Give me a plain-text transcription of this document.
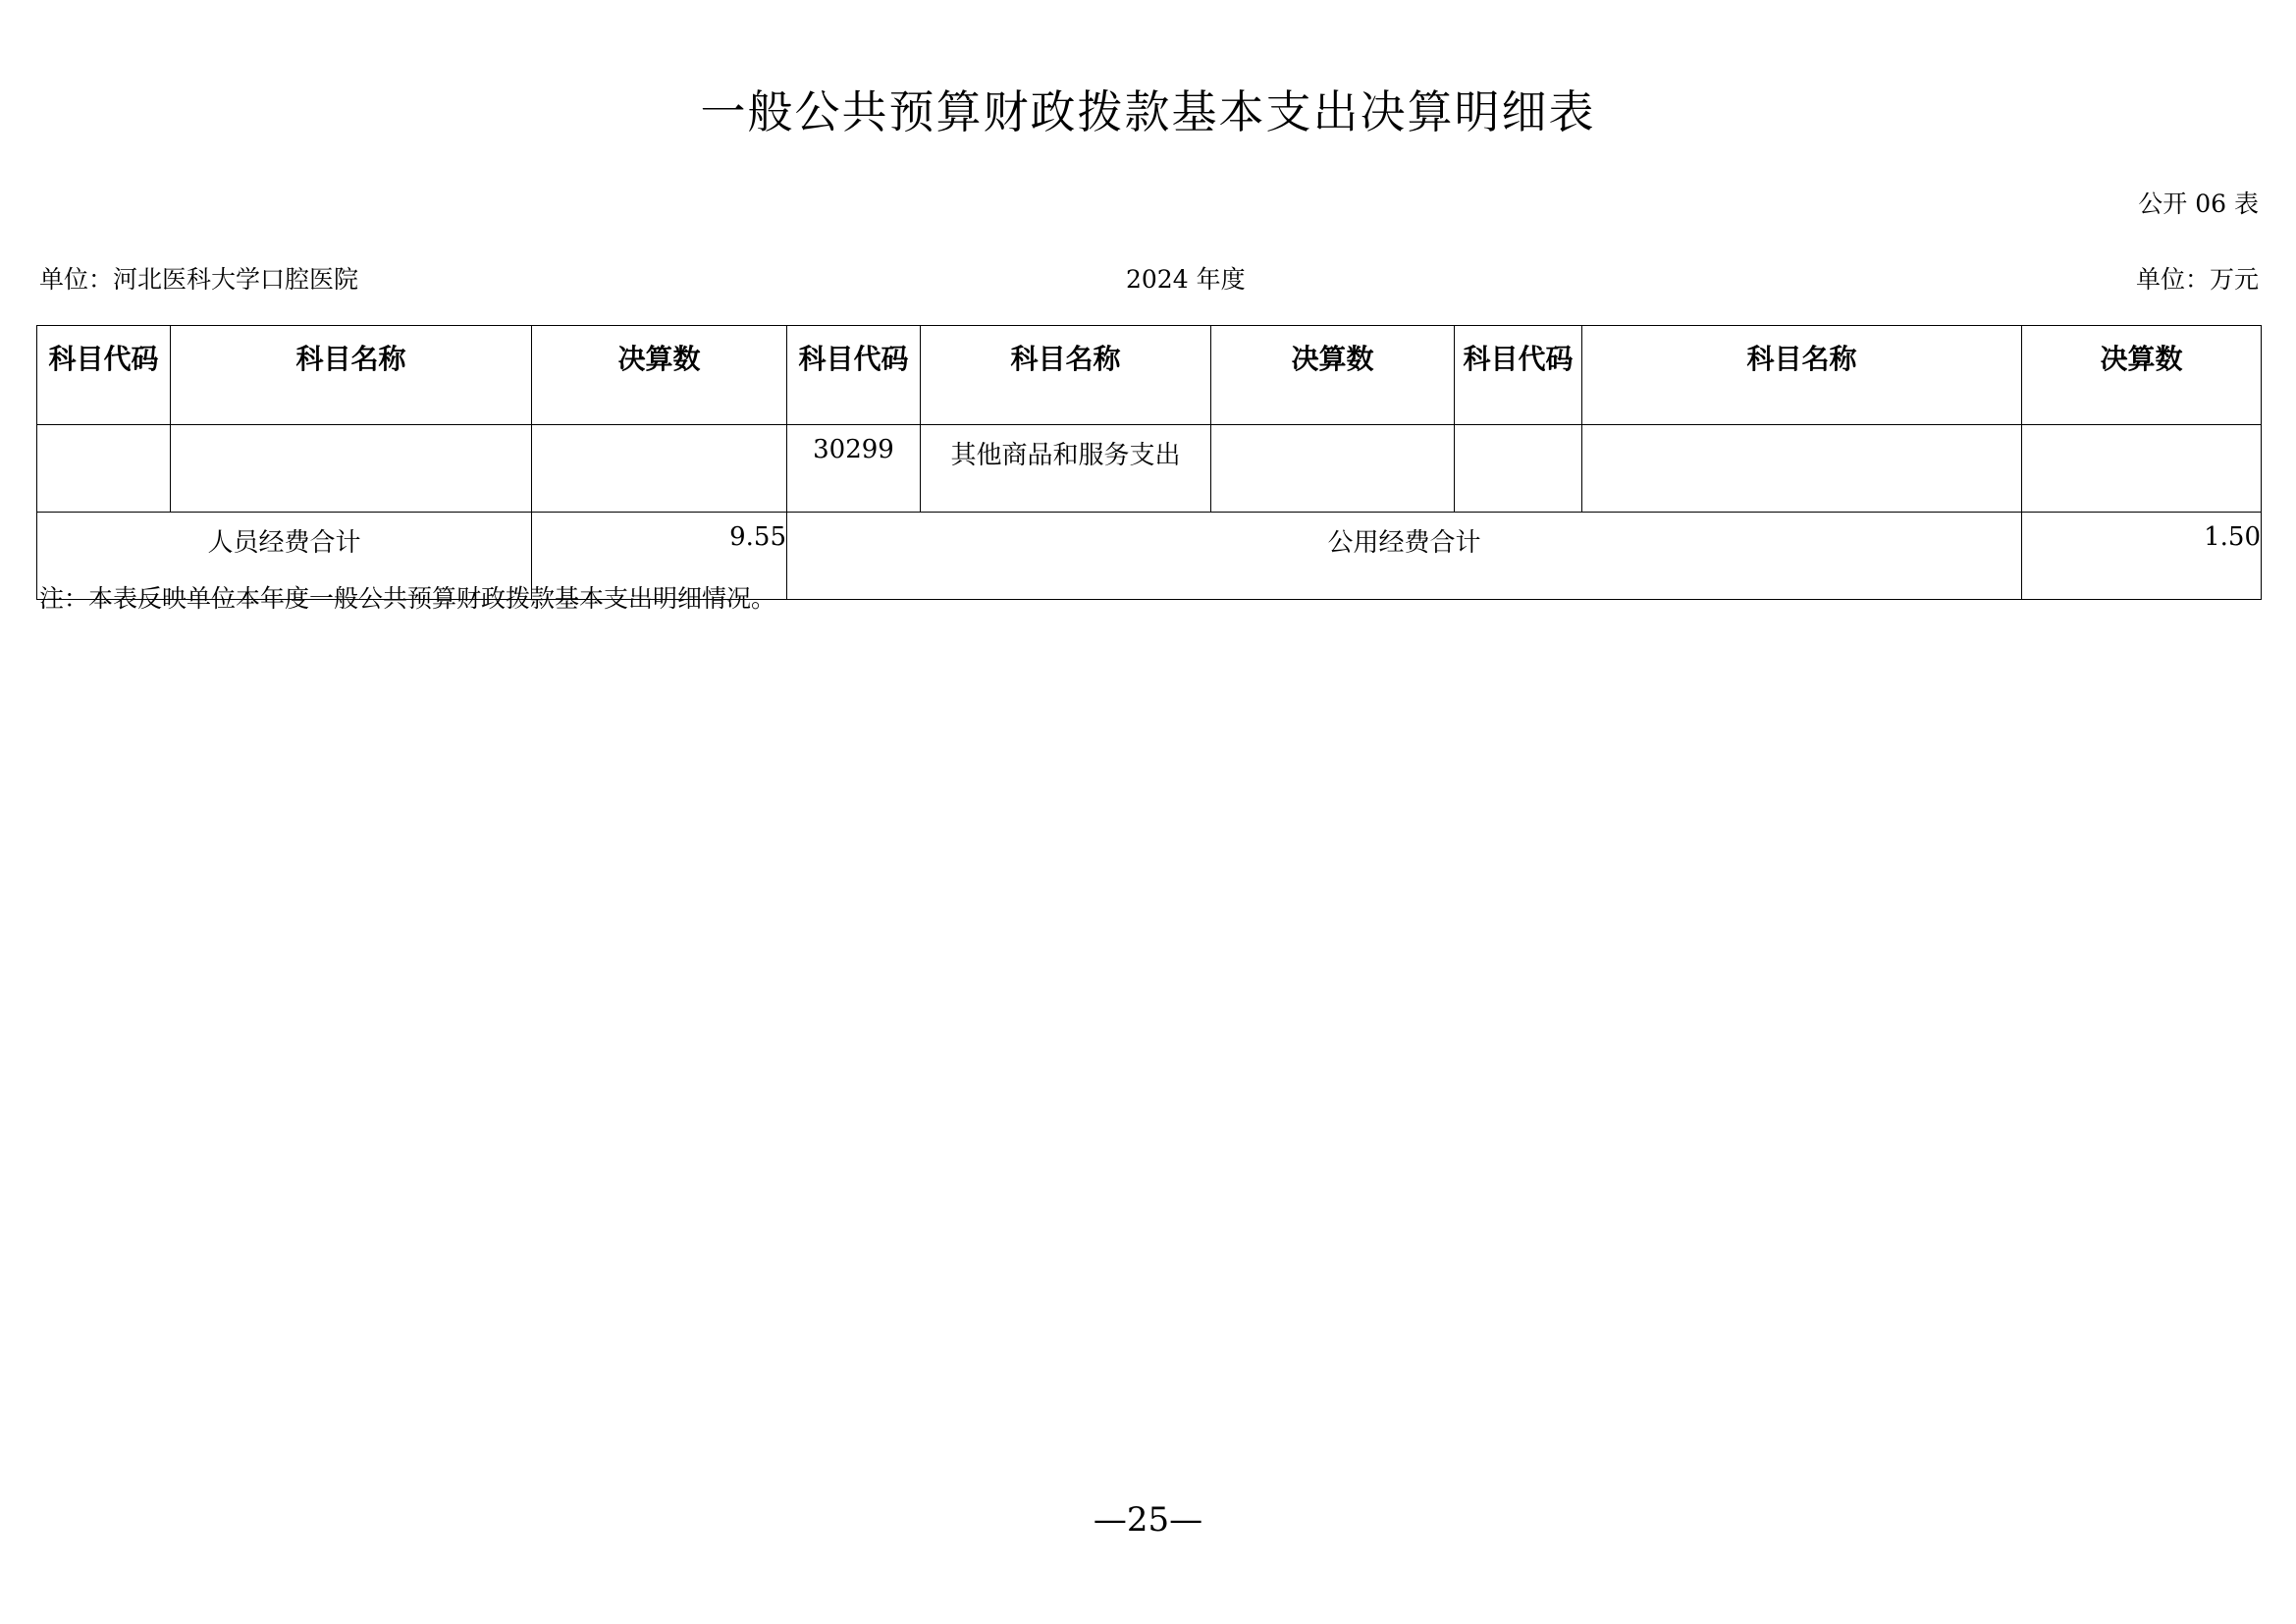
一般公共预算财政拨款基本支出决算明细表
公开 06 表
单位：河北医科大学口腔医院	2024 年度	单位：万元
科目代码	科目名称	决算数	科目代码	科目名称	决算数	科目代码	科目名称	决算数
			30299	其他商品和服务支出				
人员经费合计		9.55	公用经费合计					1.50
注：本表反映单位本年度一般公共预算财政拨款基本支出明细情况。
—25—
